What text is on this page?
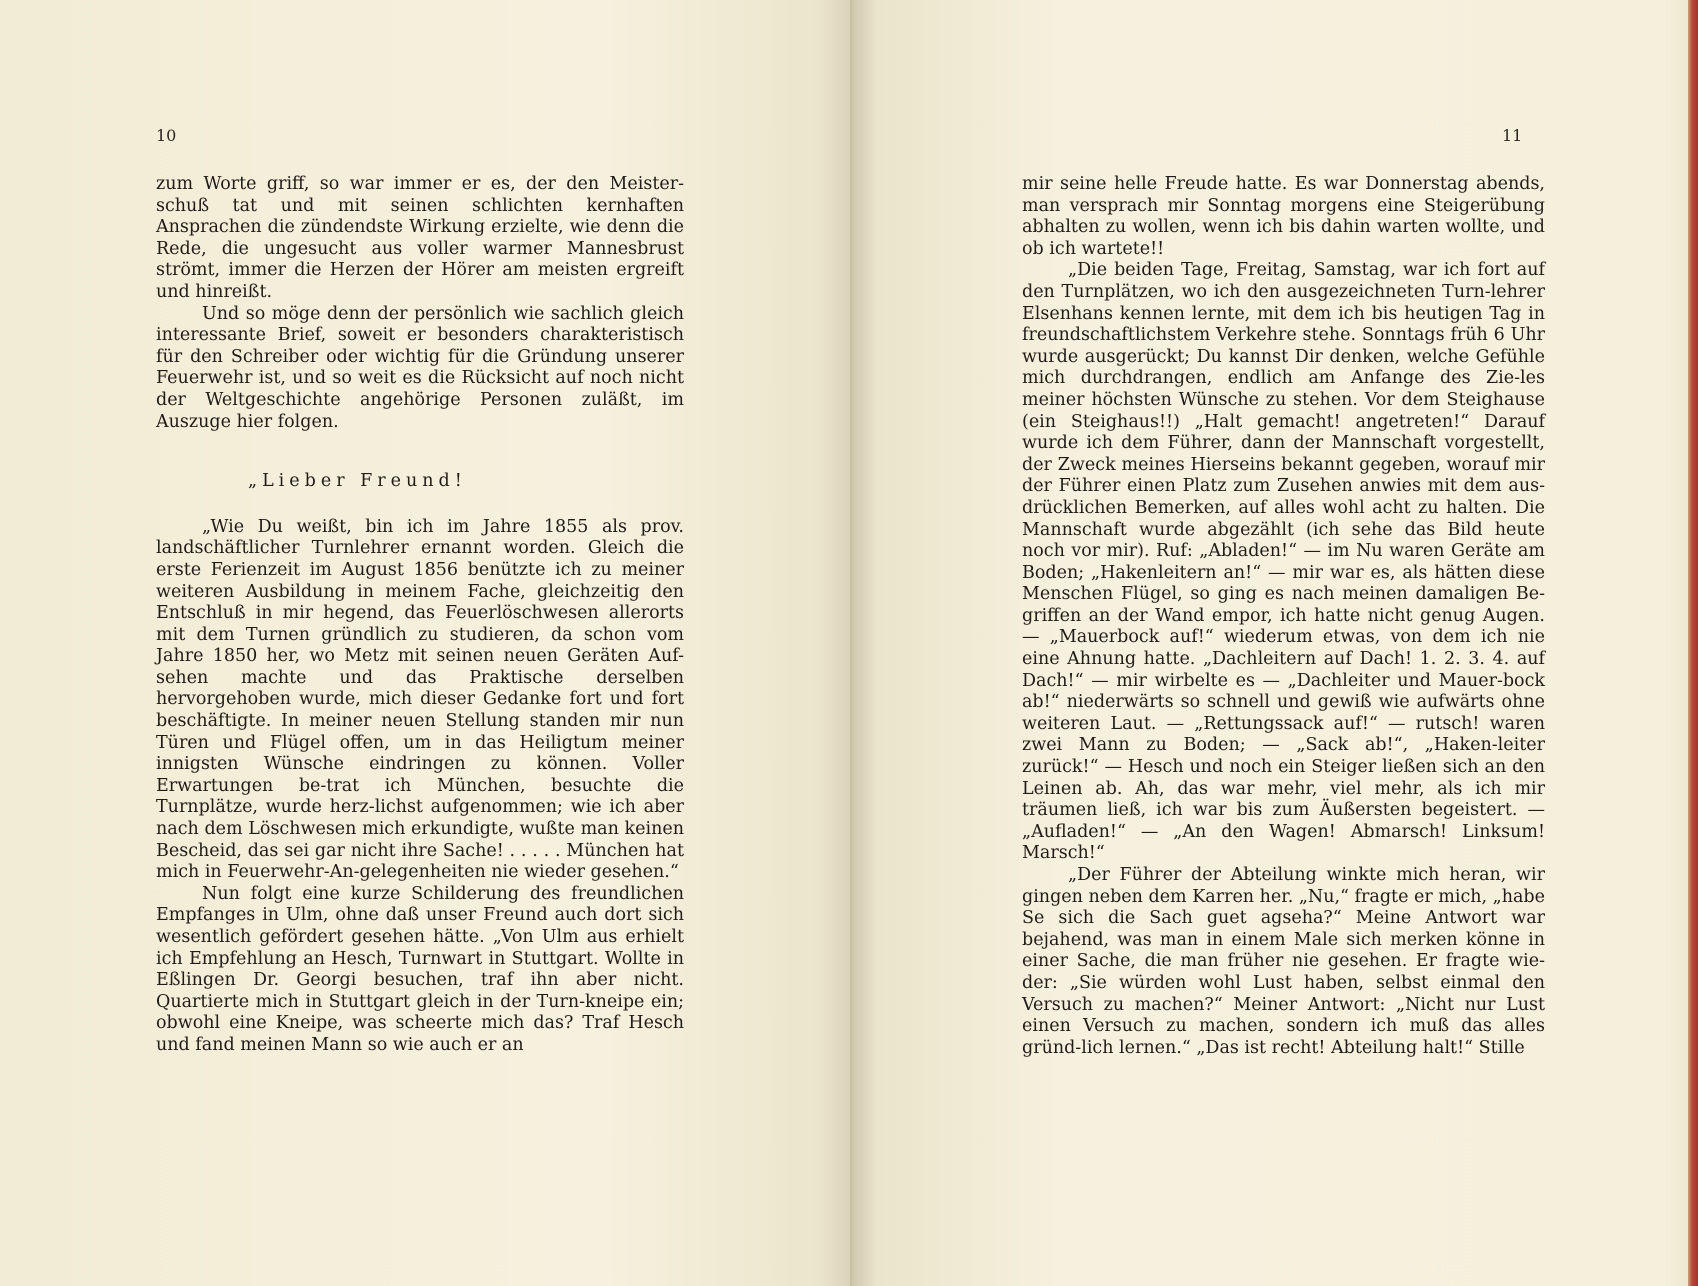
10

zum Worte griff, so war immer er es, der den Meister-schuß tat und mit seinen schlichten kernhaften Ansprachen die zündendste Wirkung erzielte, wie denn die Rede, die ungesucht aus voller warmer Mannesbrust strömt, immer die Herzen der Hörer am meisten ergreift und hinreißt.

Und so möge denn der persönlich wie sachlich gleich interessante Brief, soweit er besonders charakteristisch für den Schreiber oder wichtig für die Gründung unserer Feuerwehr ist, und so weit es die Rücksicht auf noch nicht der Weltgeschichte angehörige Personen zuläßt, im Auszuge hier folgen.

„Lieber Freund!

„Wie Du weißt, bin ich im Jahre 1855 als prov. landschäftlicher Turnlehrer ernannt worden. Gleich die erste Ferienzeit im August 1856 benützte ich zu meiner weiteren Ausbildung in meinem Fache, gleichzeitig den Entschluß in mir hegend, das Feuerlöschwesen allerorts mit dem Turnen gründlich zu studieren, da schon vom Jahre 1850 her, wo Metz mit seinen neuen Geräten Auf-sehen machte und das Praktische derselben hervorgehoben wurde, mich dieser Gedanke fort und fort beschäftigte. In meiner neuen Stellung standen mir nun Türen und Flügel offen, um in das Heiligtum meiner innigsten Wünsche eindringen zu können. Voller Erwartungen be-trat ich München, besuchte die Turnplätze, wurde herz-lichst aufgenommen; wie ich aber nach dem Löschwesen mich erkundigte, wußte man keinen Bescheid, das sei gar nicht ihre Sache! . . . . . München hat mich in Feuerwehr-An-gelegenheiten nie wieder gesehen.“

Nun folgt eine kurze Schilderung des freundlichen Empfanges in Ulm, ohne daß unser Freund auch dort sich wesentlich gefördert gesehen hätte. „Von Ulm aus erhielt ich Empfehlung an Hesch, Turnwart in Stuttgart. Wollte in Eßlingen Dr. Georgi besuchen, traf ihn aber nicht. Quartierte mich in Stuttgart gleich in der Turn-kneipe ein; obwohl eine Kneipe, was scheerte mich das? Traf Hesch und fand meinen Mann so wie auch er an

11

mir seine helle Freude hatte. Es war Donnerstag abends, man versprach mir Sonntag morgens eine Steigerübung abhalten zu wollen, wenn ich bis dahin warten wollte, und ob ich wartete!!

„Die beiden Tage, Freitag, Samstag, war ich fort auf den Turnplätzen, wo ich den ausgezeichneten Turn-lehrer Elsenhans kennen lernte, mit dem ich bis heutigen Tag in freundschaftlichstem Verkehre stehe. Sonntags früh 6 Uhr wurde ausgerückt; Du kannst Dir denken, welche Gefühle mich durchdrangen, endlich am Anfange des Zie-les meiner höchsten Wünsche zu stehen. Vor dem Steighause (ein Steighaus!!) „Halt gemacht! angetreten!“ Darauf wurde ich dem Führer, dann der Mannschaft vorgestellt, der Zweck meines Hierseins bekannt gegeben, worauf mir der Führer einen Platz zum Zusehen anwies mit dem aus-drücklichen Bemerken, auf alles wohl acht zu halten. Die Mannschaft wurde abgezählt (ich sehe das Bild heute noch vor mir). Ruf: „Abladen!“ — im Nu waren Geräte am Boden; „Hakenleitern an!“ — mir war es, als hätten diese Menschen Flügel, so ging es nach meinen damaligen Be-griffen an der Wand empor, ich hatte nicht genug Augen. — „Mauerbock auf!“ wiederum etwas, von dem ich nie eine Ahnung hatte. „Dachleitern auf Dach! 1. 2. 3. 4. auf Dach!“ — mir wirbelte es — „Dachleiter und Mauer-bock ab!“ niederwärts so schnell und gewiß wie aufwärts ohne weiteren Laut. — „Rettungssack auf!“ — rutsch! waren zwei Mann zu Boden; — „Sack ab!“, „Haken-leiter zurück!“ — Hesch und noch ein Steiger ließen sich an den Leinen ab. Ah, das war mehr, viel mehr, als ich mir träumen ließ, ich war bis zum Äußersten begeistert. — „Aufladen!“ — „An den Wagen! Abmarsch! Linksum! Marsch!“

„Der Führer der Abteilung winkte mich heran, wir gingen neben dem Karren her. „Nu,“ fragte er mich, „habe Se sich die Sach guet agseha?“ Meine Antwort war bejahend, was man in einem Male sich merken könne in einer Sache, die man früher nie gesehen. Er fragte wie-der: „Sie würden wohl Lust haben, selbst einmal den Versuch zu machen?“ Meiner Antwort: „Nicht nur Lust einen Versuch zu machen, sondern ich muß das alles gründ-lich lernen.“ „Das ist recht! Abteilung halt!“ Stille
